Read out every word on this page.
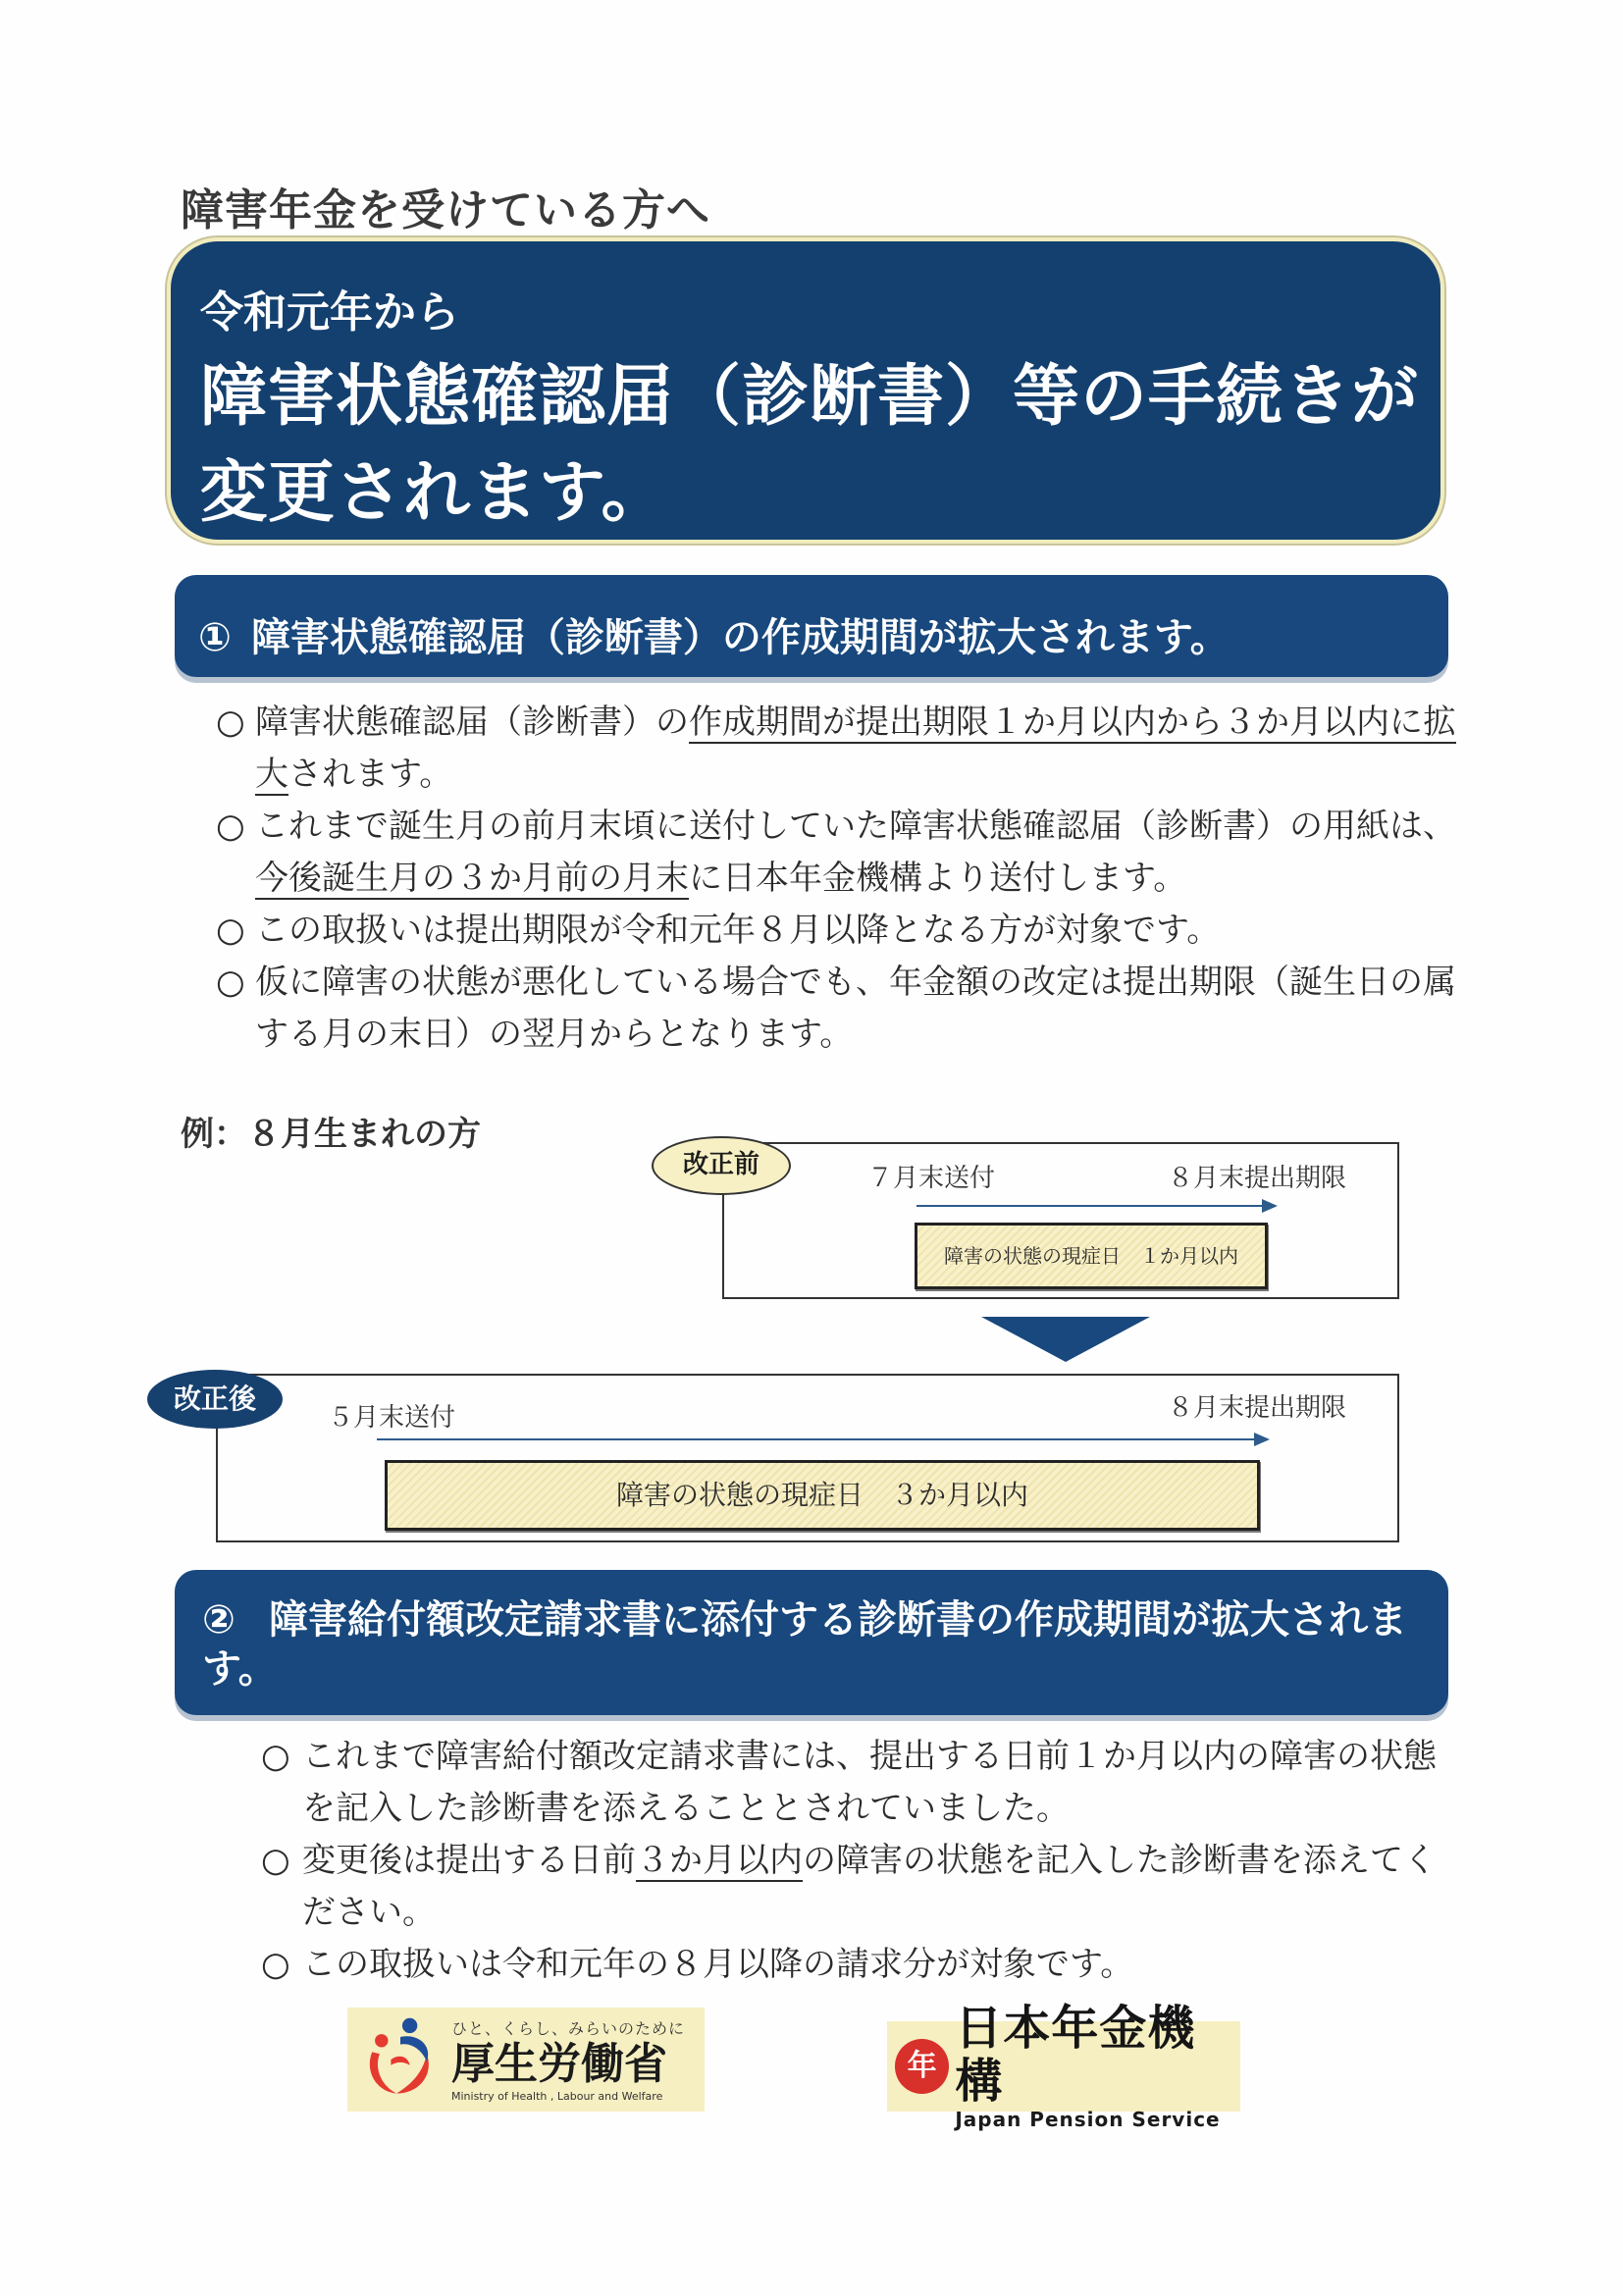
障害年金を受けている方へ
令和元年から
障害状態確認届（診断書）等の手続きが
変更されます。
① 障害状態確認届（診断書）の作成期間が拡大されます。
○ 障害状態確認届（診断書）の作成期間が提出期限１か月以内から３か月以内に拡大されます。
○ これまで誕生月の前月末頃に送付していた障害状態確認届（診断書）の用紙は、今後誕生月の３か月前の月末に日本年金機構より送付します。
○ この取扱いは提出期限が令和元年８月以降となる方が対象です。
○ 仮に障害の状態が悪化している場合でも、年金額の改定は提出期限（誕生日の属する月の末日）の翌月からとなります。
例：８月生まれの方
改正前	７月末送付	８月末提出期限
障害の状態の現症日　１か月以内
改正後
５月末送付	８月末提出期限
障害の状態の現症日　３か月以内
② 障害給付額改定請求書に添付する診断書の作成期間が拡大されます。
○ これまで障害給付額改定請求書には、提出する日前１か月以内の障害の状態を記入した診断書を添えることとされていました。
○ 変更後は提出する日前３か月以内の障害の状態を記入した診断書を添えてください。
○ この取扱いは令和元年の８月以降の請求分が対象です。
ひと、くらし、みらいのために
厚生労働省
Ministry of Health , Labour and Welfare
年
日本年金機構
Japan Pension Service
